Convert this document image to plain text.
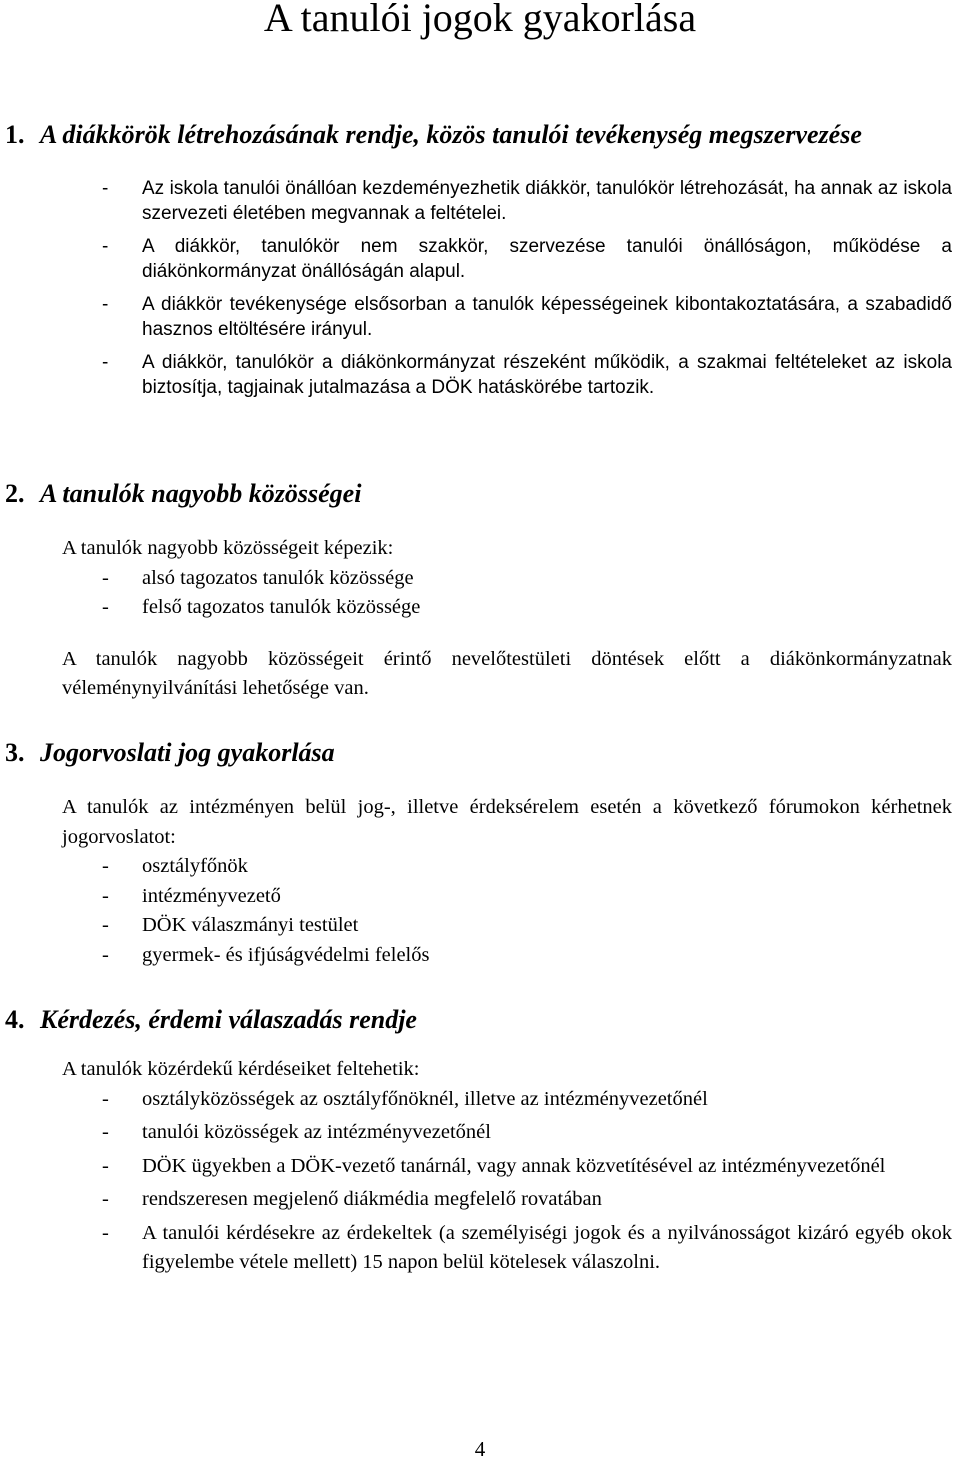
A tanulói jogok gyakorlása
1. A diákkörök létrehozásának rendje, közös tanulói tevékenység megszervezése
- Az iskola tanulói önállóan kezdeményezhetik diákkör, tanulókör létrehozását, ha annak az iskola szervezeti életében megvannak a feltételei.
- A diákkör, tanulókör nem szakkör, szervezése tanulói önállóságon, működése a diákönkormányzat önállóságán alapul.
- A diákkör tevékenysége elsősorban a tanulók képességeinek kibontakoztatására, a szabadidő hasznos eltöltésére irányul.
- A diákkör, tanulókör a diákönkormányzat részeként működik, a szakmai feltételeket az iskola biztosítja, tagjainak jutalmazása a DÖK hatáskörébe tartozik.
2. A tanulók nagyobb közösségei

A tanulók nagyobb közösségeit képezik:

- alsó tagozatos tanulók közössége
- felső tagozatos tanulók közössége

A tanulók nagyobb közösségeit érintő nevelőtestületi döntések előtt a diákönkormányzatnak véleménynyilvánítási lehetősége van.

3. Jogorvoslati jog gyakorlása

A tanulók az intézményen belül jog-, illetve érdeksérelem esetén a következő fórumokon kérhetnek jogorvoslatot:

- osztályfőnök
- intézményvezető
- DÖK válaszmányi testület
- gyermek- és ifjúságvédelmi felelős
4. Kérdezés, érdemi válaszadás rendje

A tanulók közérdekű kérdéseiket feltehetik:

- osztályközösségek az osztályfőnöknél, illetve az intézményvezetőnél
- tanulói közösségek az intézményvezetőnél
- DÖK ügyekben a DÖK-vezető tanárnál, vagy annak közvetítésével az intézményvezetőnél
- rendszeresen megjelenő diákmédia megfelelő rovatában
- A tanulói kérdésekre az érdekeltek (a személyiségi jogok és a nyilvánosságot kizáró egyéb okok figyelembe vétele mellett) 15 napon belül kötelesek válaszolni.
4
